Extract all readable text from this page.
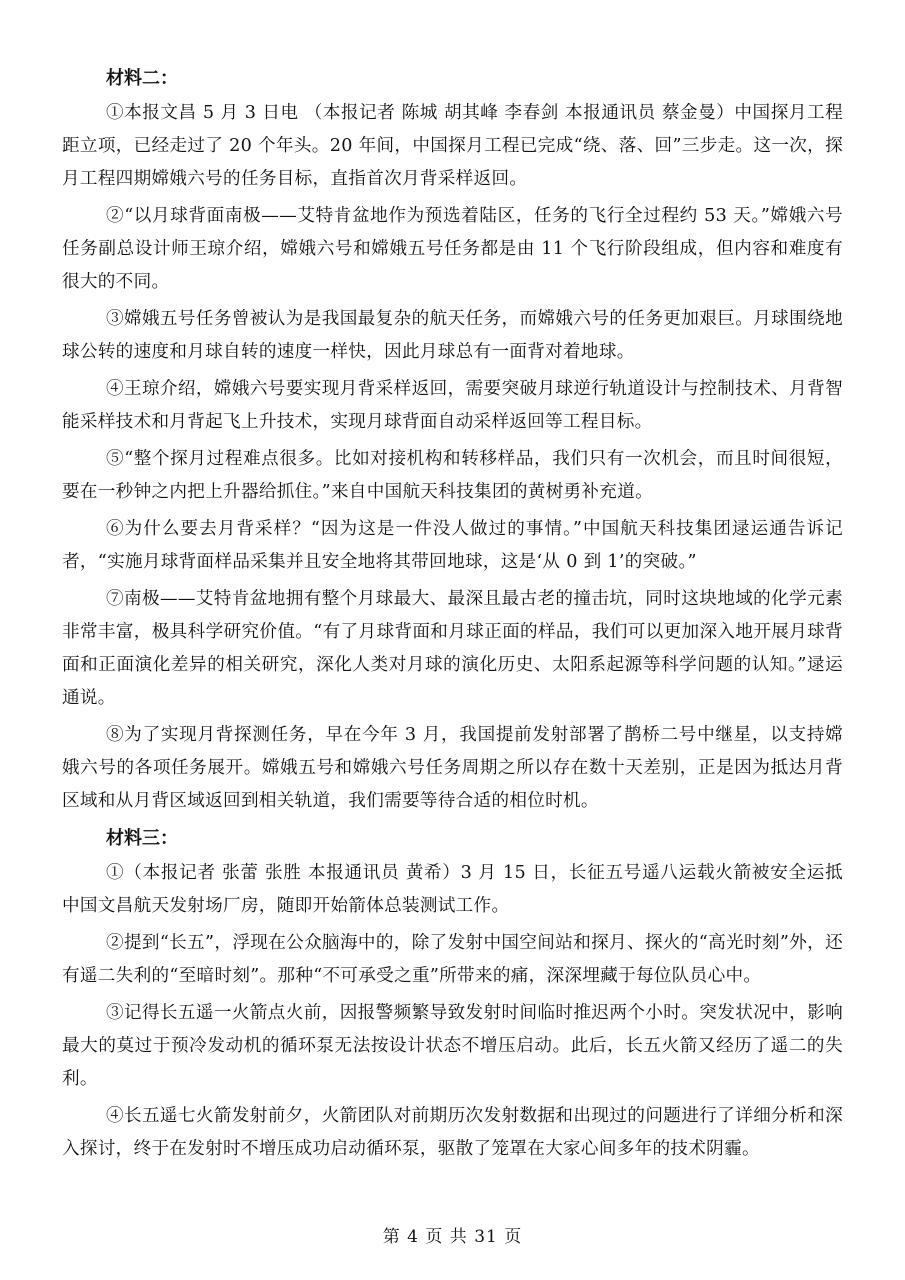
材料二：

①本报文昌 5 月 3 日电 （本报记者 陈城 胡其峰 李春剑 本报通讯员 蔡金曼）中国探月工程距立项，已经走过了 20 个年头。20 年间，中国探月工程已完成“绕、落、回”三步走。这一次，探月工程四期嫦娥六号的任务目标，直指首次月背采样返回。

②“以月球背面南极——艾特肯盆地作为预选着陆区，任务的飞行全过程约 53 天。”嫦娥六号任务副总设计师王琼介绍，嫦娥六号和嫦娥五号任务都是由 11 个飞行阶段组成，但内容和难度有很大的不同。

③嫦娥五号任务曾被认为是我国最复杂的航天任务，而嫦娥六号的任务更加艰巨。月球围绕地球公转的速度和月球自转的速度一样快，因此月球总有一面背对着地球。

④王琼介绍，嫦娥六号要实现月背采样返回，需要突破月球逆行轨道设计与控制技术、月背智能采样技术和月背起飞上升技术，实现月球背面自动采样返回等工程目标。

⑤“整个探月过程难点很多。比如对接机构和转移样品，我们只有一次机会，而且时间很短，要在一秒钟之内把上升器给抓住。”来自中国航天科技集团的黄树勇补充道。

⑥为什么要去月背采样？“因为这是一件没人做过的事情。”中国航天科技集团逯运通告诉记者，“实施月球背面样品采集并且安全地将其带回地球，这是‘从 0 到 1’的突破。”

⑦南极——艾特肯盆地拥有整个月球最大、最深且最古老的撞击坑，同时这块地域的化学元素非常丰富，极具科学研究价值。“有了月球背面和月球正面的样品，我们可以更加深入地开展月球背面和正面演化差异的相关研究，深化人类对月球的演化历史、太阳系起源等科学问题的认知。”逯运通说。

⑧为了实现月背探测任务，早在今年 3 月，我国提前发射部署了鹊桥二号中继星，以支持嫦娥六号的各项任务展开。嫦娥五号和嫦娥六号任务周期之所以存在数十天差别，正是因为抵达月背区域和从月背区域返回到相关轨道，我们需要等待合适的相位时机。

材料三：

①（本报记者 张蕾 张胜 本报通讯员 黄希）3 月 15 日，长征五号遥八运载火箭被安全运抵中国文昌航天发射场厂房，随即开始箭体总装测试工作。

②提到“长五”，浮现在公众脑海中的，除了发射中国空间站和探月、探火的“高光时刻”外，还有遥二失利的“至暗时刻”。那种“不可承受之重”所带来的痛，深深埋藏于每位队员心中。

③记得长五遥一火箭点火前，因报警频繁导致发射时间临时推迟两个小时。突发状况中，影响最大的莫过于预冷发动机的循环泵无法按设计状态不增压启动。此后，长五火箭又经历了遥二的失利。

④长五遥七火箭发射前夕，火箭团队对前期历次发射数据和出现过的问题进行了详细分析和深入探讨，终于在发射时不增压成功启动循环泵，驱散了笼罩在大家心间多年的技术阴霾。

第 4 页 共 31 页
